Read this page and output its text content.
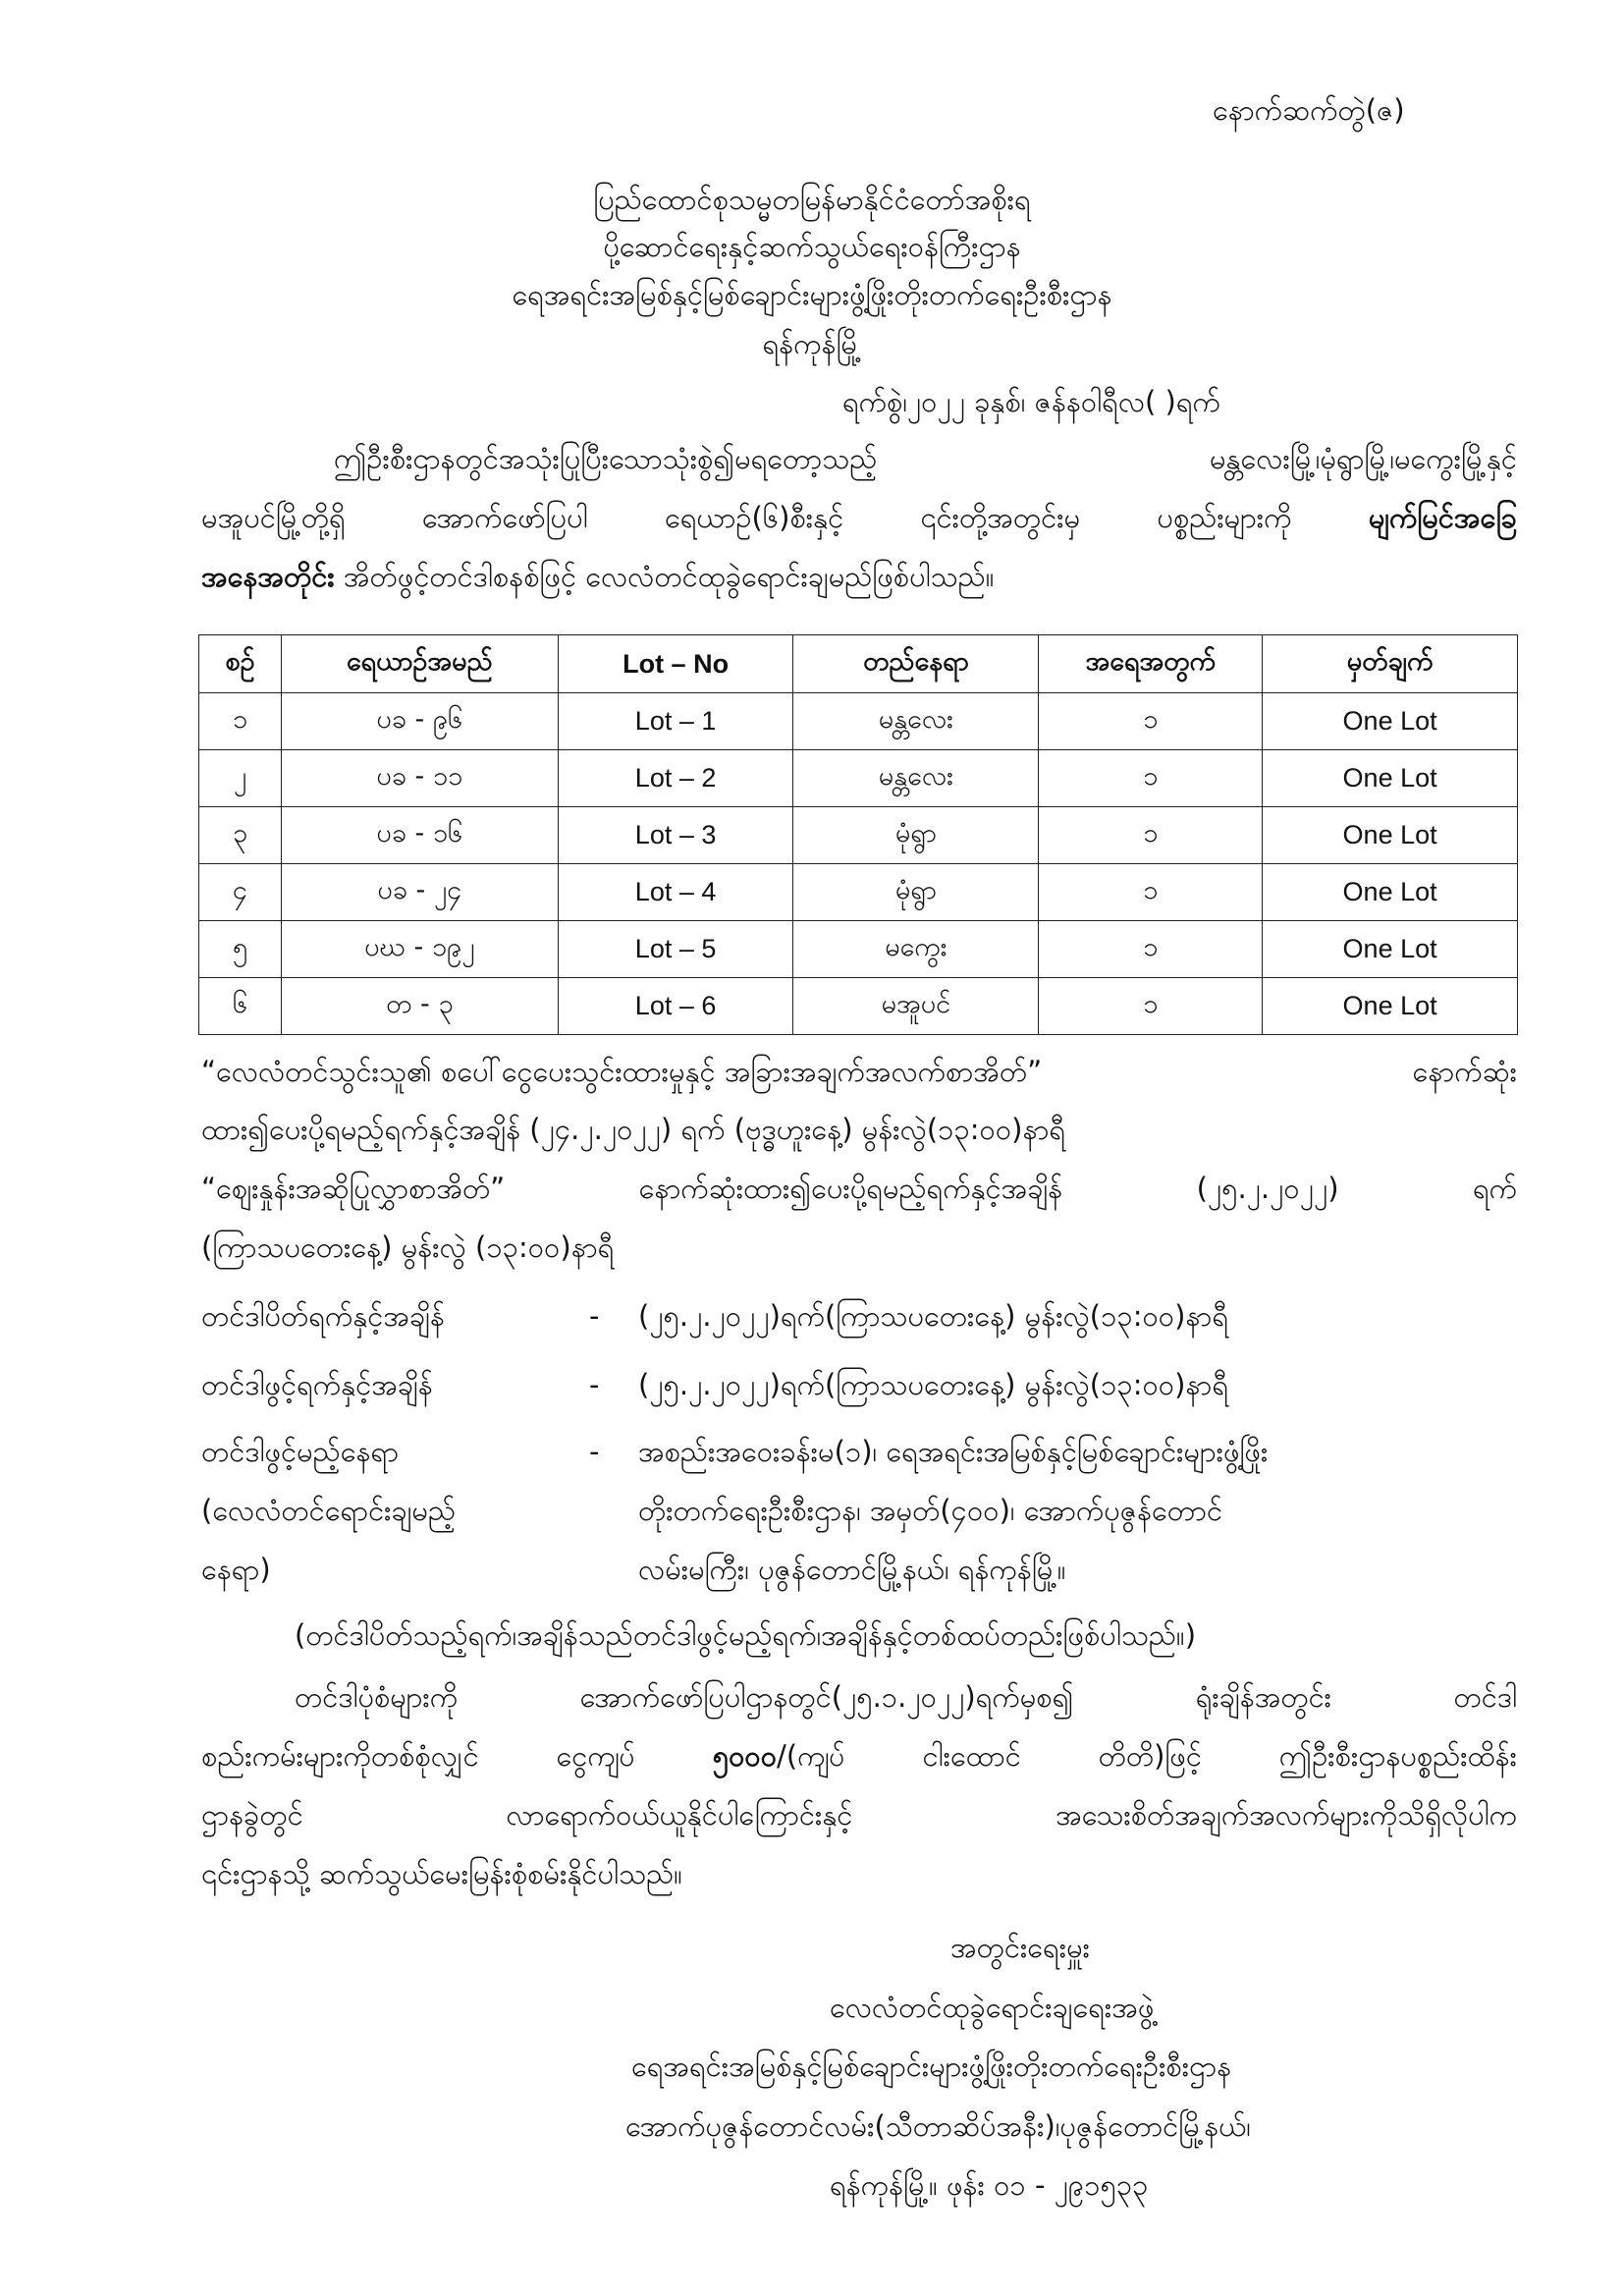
နောက်ဆက်တွဲ(ဇ)
ပြည်ထောင်စုသမ္မတမြန်မာနိုင်ငံတော်အစိုးရ
ပို့ဆောင်ရေးနှင့်ဆက်သွယ်ရေးဝန်ကြီးဌာန
ရေအရင်းအမြစ်နှင့်မြစ်ချောင်းများဖွံ့ဖြိုးတိုးတက်ရေးဦးစီးဌာန
ရန်ကုန်မြို့
ရက်စွဲ၊၂၀၂၂ ခုနှစ်၊ ဇန်နဝါရီလ( )ရက်
ဤဦးစီးဌာနတွင်အသုံးပြုပြီးသောသုံးစွဲ၍မရတော့သည့် မန္တလေးမြို့၊မုံရွာမြို့၊မကွေးမြို့နှင့်
မအူပင်မြို့တို့ရှိ အောက်ဖော်ပြပါ ရေယာဉ်(၆)စီးနှင့် ၎င်းတို့အတွင်းမှ ပစ္စည်းများကို မျက်မြင်အခြေ
အနေအတိုင်း အိတ်ဖွင့်တင်ဒါစနစ်ဖြင့် လေလံတင်ထုခွဲရောင်းချမည်ဖြစ်ပါသည်။
စဉ်	ရေယာဉ်အမည်	Lot – No	တည်နေရာ	အရေအတွက်	မှတ်ချက်
၁	ပခ - ၉၆	Lot – 1	မန္တလေး	၁	One Lot
၂	ပခ - ၁၁	Lot – 2	မန္တလေး	၁	One Lot
၃	ပခ - ၁၆	Lot – 3	မုံရွာ	၁	One Lot
၄	ပခ - ၂၄	Lot – 4	မုံရွာ	၁	One Lot
၅	ပဃ - ၁၉၂	Lot – 5	မကွေး	၁	One Lot
၆	တ - ၃	Lot – 6	မအူပင်	၁	One Lot
“လေလံတင်သွင်းသူ၏ စပေါ်ငွေပေးသွင်းထားမှုနှင့် အခြားအချက်အလက်စာအိတ်”	နောက်ဆုံး
ထား၍ပေးပို့ရမည့်ရက်နှင့်အချိန် (၂၄.၂.၂၀၂၂) ရက် (ဗုဒ္ဓဟူးနေ့) မွန်းလွဲ(၁၃:၀၀)နာရီ
“ဈေးနှုန်းအဆိုပြုလွှာစာအိတ်”	နောက်ဆုံးထား၍ပေးပို့ရမည့်ရက်နှင့်အချိန်	(၂၅.၂.၂၀၂၂)	ရက်
(ကြာသပတေးနေ့) မွန်းလွဲ (၁၃:၀၀)နာရီ
တင်ဒါပိတ်ရက်နှင့်အချိန်	- (၂၅.၂.၂၀၂၂)ရက်(ကြာသပတေးနေ့) မွန်းလွဲ(၁၃:၀၀)နာရီ
တင်ဒါဖွင့်ရက်နှင့်အချိန်	- (၂၅.၂.၂၀၂၂)ရက်(ကြာသပတေးနေ့) မွန်းလွဲ(၁၃:၀၀)နာရီ
တင်ဒါဖွင့်မည့်နေရာ	- အစည်းအဝေးခန်းမ(၁)၊ ရေအရင်းအမြစ်နှင့်မြစ်ချောင်းများဖွံ့ဖြိုး
(လေလံတင်ရောင်းချမည့်	တိုးတက်ရေးဦးစီးဌာန၊ အမှတ်(၄၀၀)၊ အောက်ပုဇွန်တောင်
နေရာ)	လမ်းမကြီး၊ ပုဇွန်တောင်မြို့နယ်၊ ရန်ကုန်မြို့။
(တင်ဒါပိတ်သည့်ရက်၊အချိန်သည်တင်ဒါဖွင့်မည့်ရက်၊အချိန်နှင့်တစ်ထပ်တည်းဖြစ်ပါသည်။)
တင်ဒါပုံစံများကို	အောက်ဖော်ပြပါဌာနတွင်(၂၅.၁.၂၀၂၂)ရက်မှစ၍	ရုံးချိန်အတွင်း	တင်ဒါ
စည်းကမ်းများကိုတစ်စုံလျှင် ငွေကျပ် ၅၀၀၀/(ကျပ် ငါးထောင် တိတိ)ဖြင့် ဤဦးစီးဌာနပစ္စည်းထိန်း
ဌာနခွဲတွင်	လာရောက်ဝယ်ယူနိုင်ပါကြောင်းနှင့်	အသေးစိတ်အချက်အလက်များကိုသိရှိလိုပါက
၎င်းဌာနသို့ ဆက်သွယ်မေးမြန်းစုံစမ်းနိုင်ပါသည်။
အတွင်းရေးမှူး
လေလံတင်ထုခွဲရောင်းချရေးအဖွဲ့
ရေအရင်းအမြစ်နှင့်မြစ်ချောင်းများဖွံ့ဖြိုးတိုးတက်ရေးဦးစီးဌာန
အောက်ပုဇွန်တောင်လမ်း(သီတာဆိပ်အနီး)၊ပုဇွန်တောင်မြို့နယ်၊
ရန်ကုန်မြို့။ ဖုန်း ၀၁ - ၂၉၁၅၃၃
